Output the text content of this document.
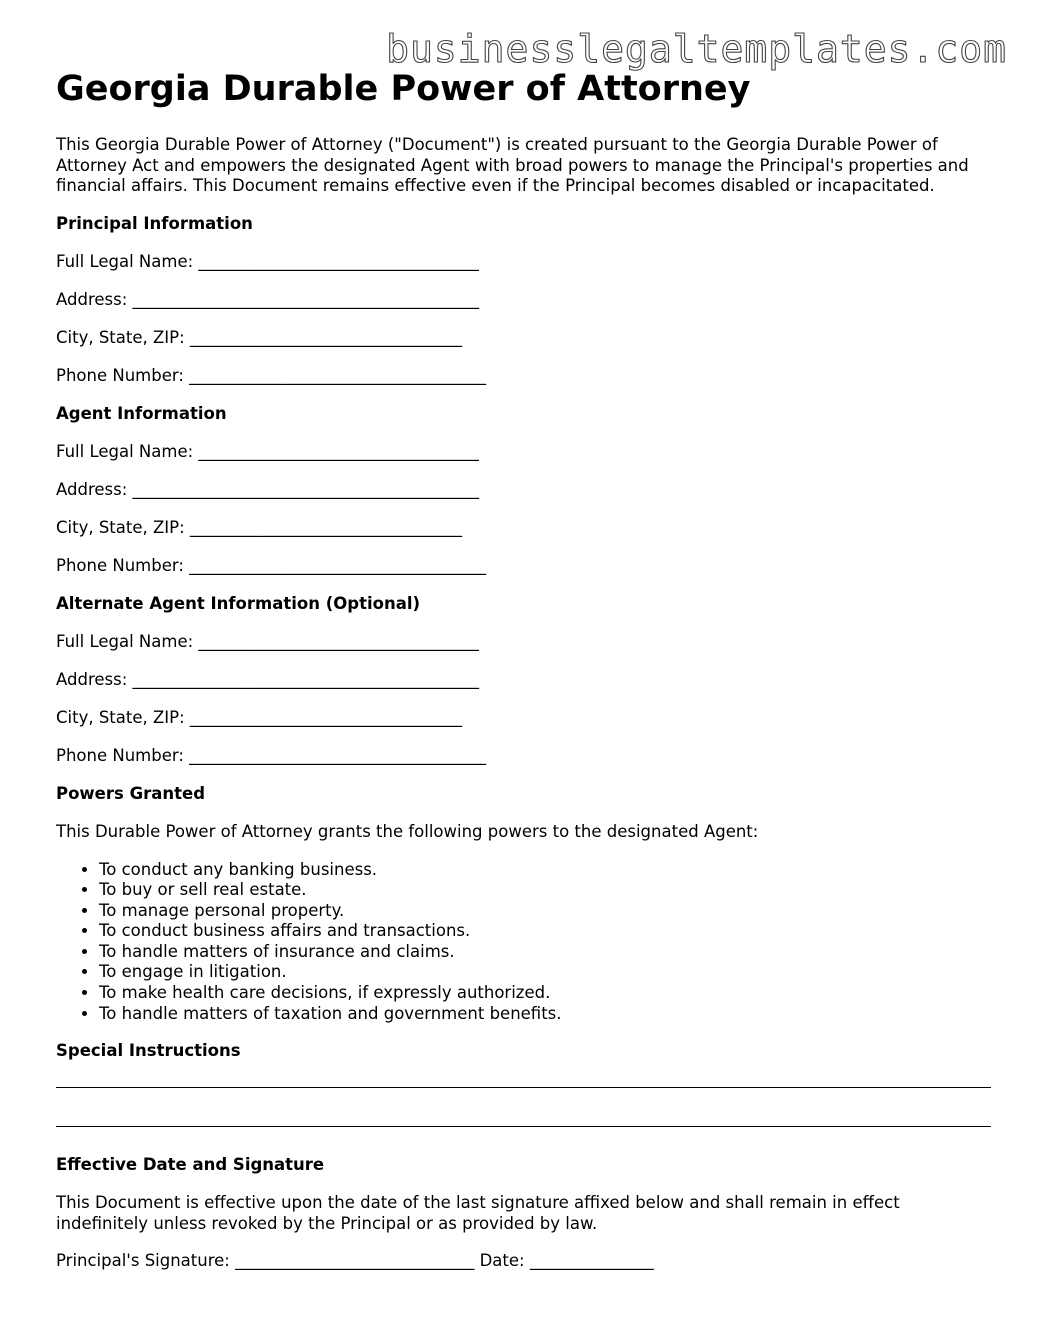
businesslegaltemplates.com
Georgia Durable Power of Attorney

This Georgia Durable Power of Attorney ("Document") is created pursuant to the Georgia Durable Power of Attorney Act and empowers the designated Agent with broad powers to manage the Principal's properties and financial affairs. This Document remains effective even if the Principal becomes disabled or incapacitated.

Principal Information

Full Legal Name: __________________________________

Address: __________________________________________

City, State, ZIP: _________________________________

Phone Number: ____________________________________

Agent Information

Full Legal Name: __________________________________

Address: __________________________________________

City, State, ZIP: _________________________________

Phone Number: ____________________________________

Alternate Agent Information (Optional)

Full Legal Name: __________________________________

Address: __________________________________________

City, State, ZIP: _________________________________

Phone Number: ____________________________________

Powers Granted

This Durable Power of Attorney grants the following powers to the designated Agent:

• To conduct any banking business.
• To buy or sell real estate.
• To manage personal property.
• To conduct business affairs and transactions.
• To handle matters of insurance and claims.
• To engage in litigation.
• To make health care decisions, if expressly authorized.
• To handle matters of taxation and government benefits.

Special Instructions

Effective Date and Signature

This Document is effective upon the date of the last signature affixed below and shall remain in effect indefinitely unless revoked by the Principal or as provided by law.

Principal's Signature: _____________________________ Date: _______________
